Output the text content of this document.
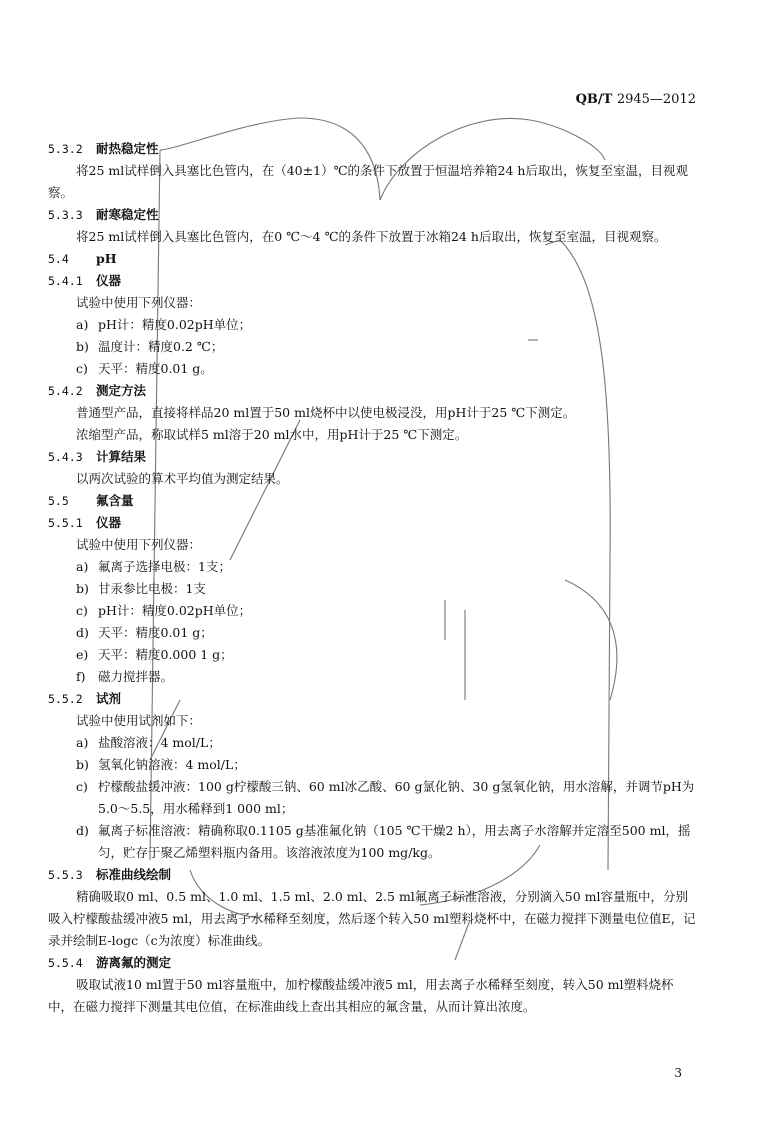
QB/T 2945—2012
5.3.2 耐热稳定性
将25 ml试样倒入具塞比色管内，在（40±1）℃的条件下放置于恒温培养箱24 h后取出，恢复至室温，目视观察。
5.3.3 耐寒稳定性
将25 ml试样倒入具塞比色管内，在0 ℃～4 ℃的条件下放置于冰箱24 h后取出，恢复至室温，目视观察。
5.4 pH
5.4.1 仪器
试验中使用下列仪器：
a) pH计：精度0.02pH单位；
b) 温度计：精度0.2 ℃；
c) 天平：精度0.01 g。
5.4.2 测定方法
普通型产品，直接将样品20 ml置于50 ml烧杯中以使电极浸没，用pH计于25 ℃下测定。
浓缩型产品，称取试样5 ml溶于20 ml水中，用pH计于25 ℃下测定。
5.4.3 计算结果
以两次试验的算术平均值为测定结果。
5.5 氟含量
5.5.1 仪器
试验中使用下列仪器：
a) 氟离子选择电极：1支；
b) 甘汞参比电极：1支
c) pH计：精度0.02pH单位；
d) 天平：精度0.01 g；
e) 天平：精度0.000 1 g；
f) 磁力搅拌器。
5.5.2 试剂
试验中使用试剂如下：
a) 盐酸溶液：4 mol/L；
b) 氢氧化钠溶液：4 mol/L；
c) 柠檬酸盐缓冲液：100 g柠檬酸三钠、60 ml冰乙酸、60 g氯化钠、30 g氢氧化钠，用水溶解，并调节pH为5.0～5.5，用水稀释到1 000 ml；
d) 氟离子标准溶液：精确称取0.1105 g基准氟化钠（105 ℃干燥2 h），用去离子水溶解并定溶至500 ml，摇匀，贮存于聚乙烯塑料瓶内备用。该溶液浓度为100 mg/kg。
5.5.3 标准曲线绘制
精确吸取0 ml、0.5 ml、1.0 ml、1.5 ml、2.0 ml、2.5 ml氟离子标准溶液，分别滴入50 ml容量瓶中，分别吸入柠檬酸盐缓冲液5 ml，用去离子水稀释至刻度，然后逐个转入50 ml塑料烧杯中，在磁力搅拌下测量电位值E，记录并绘制E-logc（c为浓度）标准曲线。
5.5.4 游离氟的测定
吸取试液10 ml置于50 ml容量瓶中，加柠檬酸盐缓冲液5 ml，用去离子水稀释至刻度，转入50 ml塑料烧杯中，在磁力搅拌下测量其电位值，在标准曲线上查出其相应的氟含量，从而计算出浓度。
3
